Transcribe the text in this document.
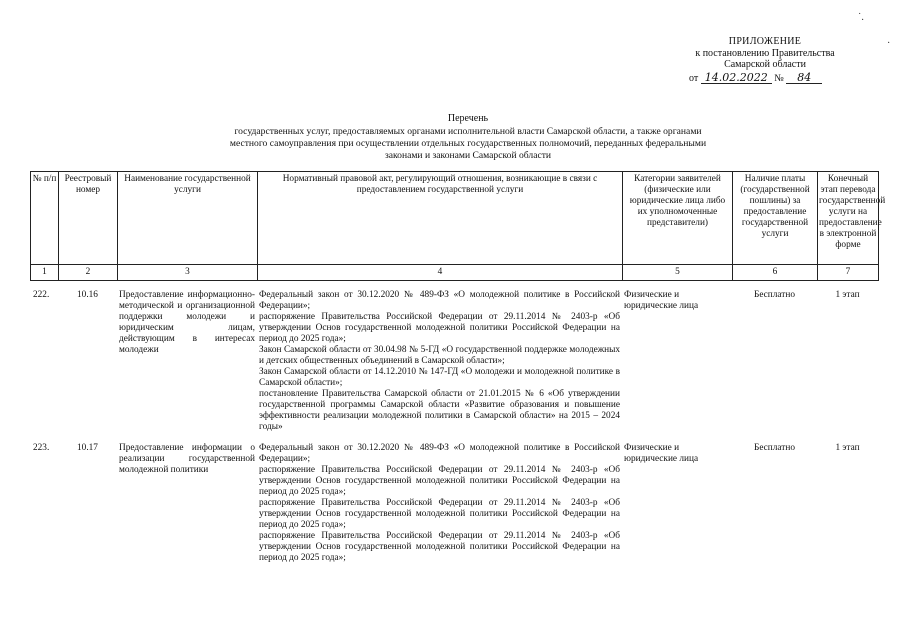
˙.
·
ПРИЛОЖЕНИЕ
к постановлению Правительства
Самарской области
от 14.02.2022 № 84
Перечень
государственных услуг, предоставляемых органами исполнительной власти Самарской области, а также органами
местного самоуправления при осуществлении отдельных государственных полномочий, переданных федеральными
законами и законами Самарской области
№ п/п	Реестровый номер	Наименование государственной услуги	Нормативный правовой акт, регулирующий отношения, возникающие в связи с предоставлением государственной услуги	Категории заявителей (физические или юридические лица либо их уполномоченные представители)	Наличие платы (государственной пошлины) за предоставление государственной услуги	Конечный этап перевода государственной услуги на предоставление в электронной форме
1	2	3	4	5	6	7
222.	10.16	Предоставление информационно-методической и организационной поддержки молодежи и юридическим лицам, действующим в интересах молодежи	Федеральный закон от 30.12.2020 № 489-ФЗ «О молодежной политике в Российской Федерации»;
распоряжение Правительства Российской Федерации от 29.11.2014 № 2403-р «Об утверждении Основ государственной молодежной политики Российской Федерации на период до 2025 года»;
Закон Самарской области от 30.04.98 № 5-ГД «О государственной поддержке молодежных и детских общественных объединений в Самарской области»;
Закон Самарской области от 14.12.2010 № 147-ГД «О молодежи и молодежной политике в Самарской области»;
постановление Правительства Самарской области от 21.01.2015 № 6 «Об утверждении государственной программы Самарской области «Развитие образования и повышение эффективности реализации молодежной политики в Самарской области» на 2015 – 2024 годы»	Физические и юридические лица	Бесплатно	1 этап
223.	10.17	Предоставление информации о реализации государственной молодежной политики	Федеральный закон от 30.12.2020 № 489-ФЗ «О молодежной политике в Российской Федерации»;
распоряжение Правительства Российской Федерации от 29.11.2014 № 2403-р «Об утверждении Основ государственной молодежной политики Российской Федерации на период до 2025 года»;
распоряжение Правительства Российской Федерации от 29.11.2014 № 2403-р «Об утверждении Основ государственной молодежной политики Российской Федерации на период до 2025 года»;
распоряжение Правительства Российской Федерации от 29.11.2014 № 2403-р «Об утверждении Основ государственной молодежной политики Российской Федерации на период до 2025 года»;	Физические и юридические лица	Бесплатно	1 этап
